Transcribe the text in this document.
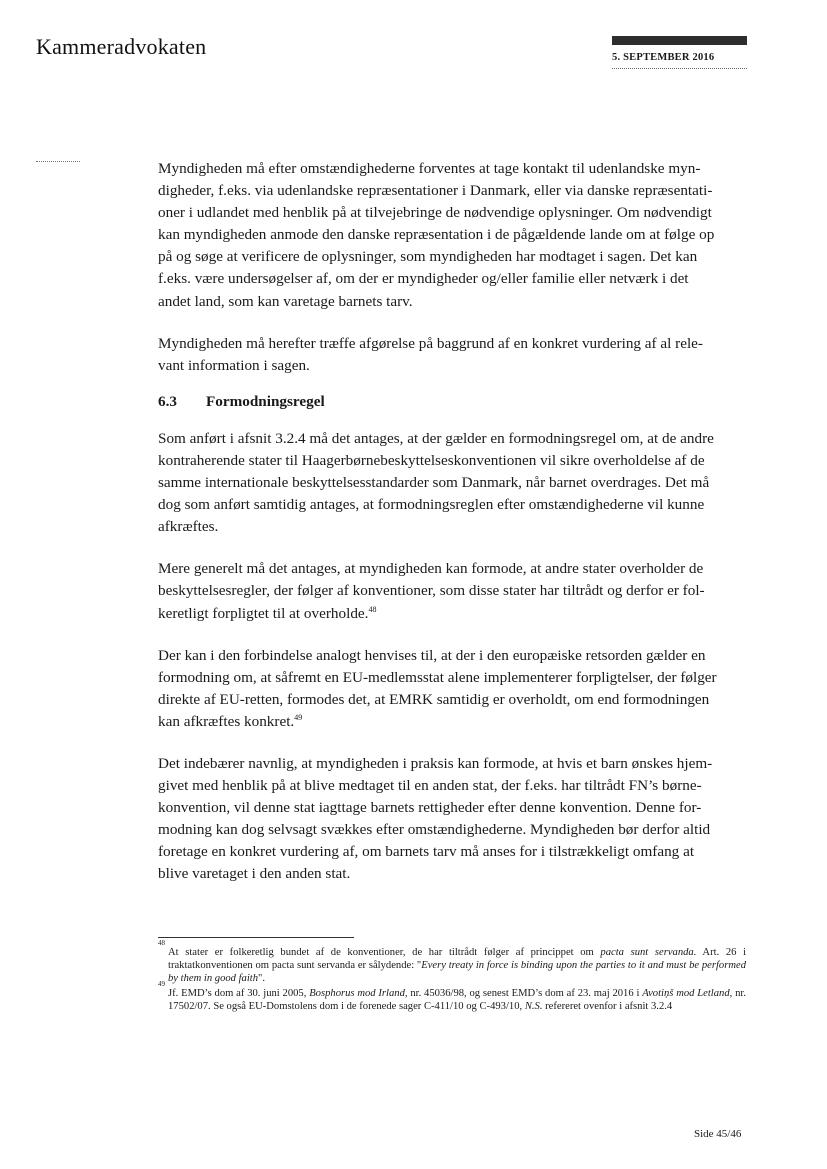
Kammeradvokaten	5. SEPTEMBER 2016

Myndigheden må efter omstændighederne forventes at tage kontakt til udenlandske myn-
digheder, f.eks. via udenlandske repræsentationer i Danmark, eller via danske repræsentati-
oner i udlandet med henblik på at tilvejebringe de nødvendige oplysninger. Om nødvendigt
kan myndigheden anmode den danske repræsentation i de pågældende lande om at følge op
på og søge at verificere de oplysninger, som myndigheden har modtaget i sagen. Det kan
f.eks. være undersøgelser af, om der er myndigheder og/eller familie eller netværk i det
andet land, som kan varetage barnets tarv.

Myndigheden må herefter træffe afgørelse på baggrund af en konkret vurdering af al rele-
vant information i sagen.

6.3	Formodningsregel

Som anført i afsnit 3.2.4 må det antages, at der gælder en formodningsregel om, at de andre
kontraherende stater til Haagerbørnebeskyttelseskonventionen vil sikre overholdelse af de
samme internationale beskyttelsesstandarder som Danmark, når barnet overdrages. Det må
dog som anført samtidig antages, at formodningsreglen efter omstændighederne vil kunne
afkræftes.

Mere generelt må det antages, at myndigheden kan formode, at andre stater overholder de
beskyttelsesregler, der følger af konventioner, som disse stater har tiltrådt og derfor er fol-
keretligt forpligtet til at overholde.$^{48}$

Der kan i den forbindelse analogt henvises til, at der i den europæiske retsorden gælder en
formodning om, at såfremt en EU-medlemsstat alene implementerer forpligtelser, der følger
direkte af EU-retten, formodes det, at EMRK samtidig er overholdt, om end formodningen
kan afkræftes konkret.$^{49}$

Det indebærer navnlig, at myndigheden i praksis kan formode, at hvis et barn ønskes hjem-
givet med henblik på at blive medtaget til en anden stat, der f.eks. har tiltrådt FN’s børne-
konvention, vil denne stat iagttage barnets rettigheder efter denne konvention. Denne for-
modning kan dog selvsagt svækkes efter omstændighederne. Myndigheden bør derfor altid
foretage en konkret vurdering af, om barnets tarv må anses for i tilstrækkeligt omfang at
blive varetaget i den anden stat.

48
At stater er folkeretlig bundet af de konventioner, de har tiltrådt følger af princippet om pacta sunt servanda. Art. 26 i traktatkonventionen om pacta sunt servanda er sålydende: "Every treaty in force is binding upon the parties to it and must be performed by them in good faith".

49
Jf. EMD’s dom af 30. juni 2005, Bosphorus mod Irland, nr. 45036/98, og senest EMD’s dom af 23. maj 2016 i Avotiņš mod Letland, nr. 17502/07. Se også EU-Domstolens dom i de forenede sager C-411/10 og C-493/10, N.S. refereret ovenfor i afsnit 3.2.4

Side 45/46
